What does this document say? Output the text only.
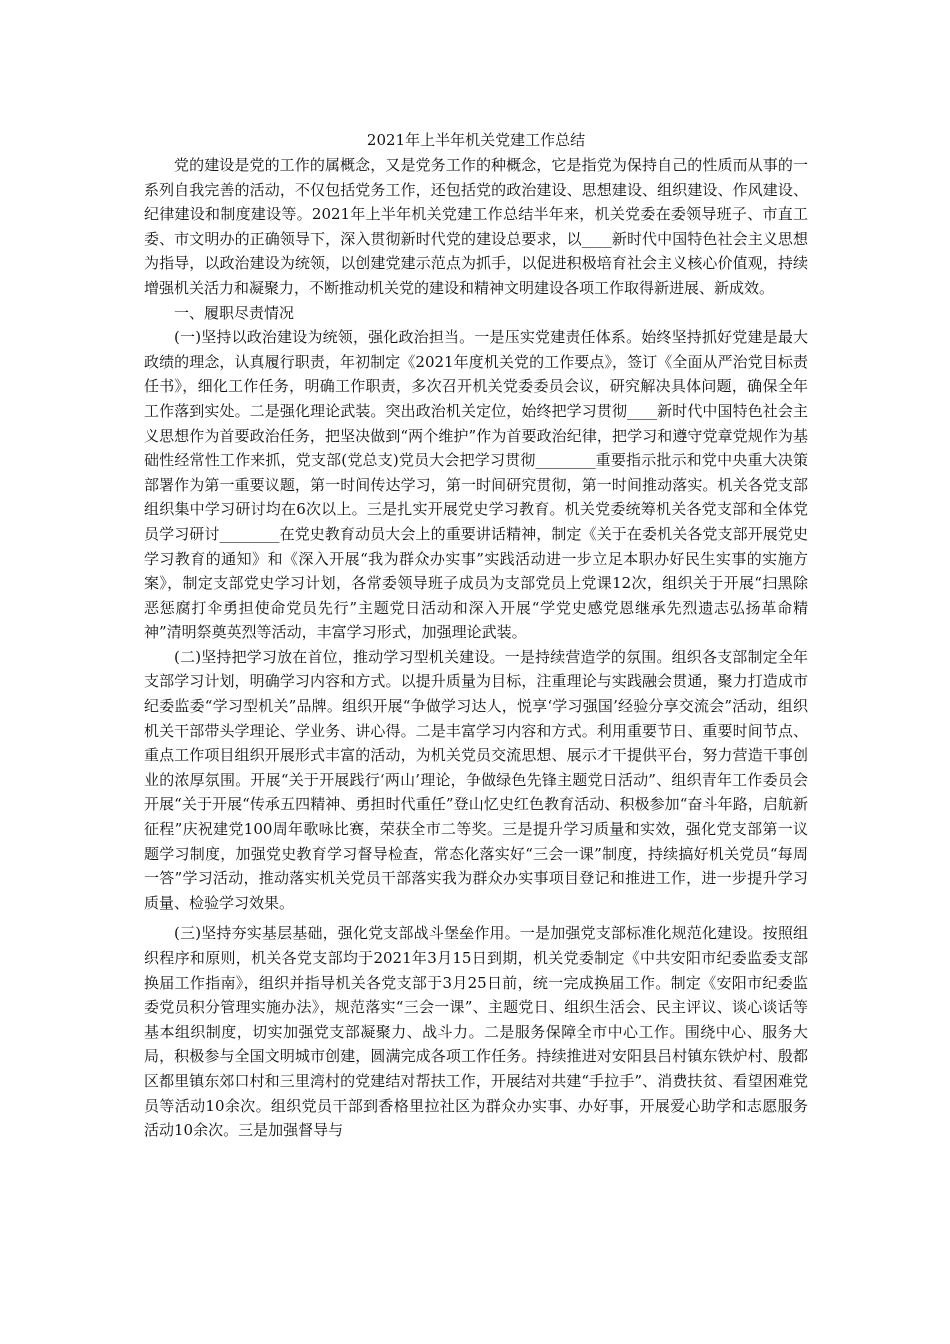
2021年上半年机关党建工作总结

党的建设是党的工作的属概念，又是党务工作的种概念，它是指党为保持自己的性质而从事的一系列自我完善的活动，不仅包括党务工作，还包括党的政治建设、思想建设、组织建设、作风建设、纪律建设和制度建设等。2021年上半年机关党建工作总结半年来，机关党委在委领导班子、市直工委、市文明办的正确领导下，深入贯彻新时代党的建设总要求，以____新时代中国特色社会主义思想为指导，以政治建设为统领，以创建党建示范点为抓手，以促进积极培育社会主义核心价值观，持续增强机关活力和凝聚力，不断推动机关党的建设和精神文明建设各项工作取得新进展、新成效。

一、履职尽责情况

(一)坚持以政治建设为统领，强化政治担当。一是压实党建责任体系。始终坚持抓好党建是最大政绩的理念，认真履行职责，年初制定《2021年度机关党的工作要点》，签订《全面从严治党目标责任书》，细化工作任务，明确工作职责，多次召开机关党委委员会议，研究解决具体问题，确保全年工作落到实处。二是强化理论武装。突出政治机关定位，始终把学习贯彻____新时代中国特色社会主义思想作为首要政治任务，把坚决做到“两个维护”作为首要政治纪律，把学习和遵守党章党规作为基础性经常性工作来抓，党支部(党总支)党员大会把学习贯彻________重要指示批示和党中央重大决策部署作为第一重要议题，第一时间传达学习，第一时间研究贯彻，第一时间推动落实。机关各党支部组织集中学习研讨均在6次以上。三是扎实开展党史学习教育。机关党委统筹机关各党支部和全体党员学习研讨________在党史教育动员大会上的重要讲话精神，制定《关于在委机关各党支部开展党史学习教育的通知》和《深入开展“我为群众办实事”实践活动进一步立足本职办好民生实事的实施方案》，制定支部党史学习计划，各常委领导班子成员为支部党员上党课12次，组织关于开展“扫黑除恶惩腐打伞勇担使命党员先行”主题党日活动和深入开展“学党史感党恩继承先烈遗志弘扬革命精神”清明祭奠英烈等活动，丰富学习形式，加强理论武装。

(二)坚持把学习放在首位，推动学习型机关建设。一是持续营造学的氛围。组织各支部制定全年支部学习计划，明确学习内容和方式。以提升质量为目标，注重理论与实践融会贯通，聚力打造成市纪委监委“学习型机关”品牌。组织开展“争做学习达人，悦享‘学习强国’经验分享交流会”活动，组织机关干部带头学理论、学业务、讲心得。二是丰富学习内容和方式。利用重要节日、重要时间节点、重点工作项目组织开展形式丰富的活动，为机关党员交流思想、展示才干提供平台，努力营造干事创业的浓厚氛围。开展“关于开展践行‘两山’理论，争做绿色先锋主题党日活动”、组织青年工作委员会开展“关于开展“传承五四精神、勇担时代重任”登山忆史红色教育活动、积极参加“奋斗年路，启航新征程”庆祝建党100周年歌咏比赛，荣获全市二等奖。三是提升学习质量和实效，强化党支部第一议题学习制度，加强党史教育学习督导检查，常态化落实好“三会一课”制度，持续搞好机关党员“每周一答”学习活动，推动落实机关党员干部落实我为群众办实事项目登记和推进工作，进一步提升学习质量、检验学习效果。

(三)坚持夯实基层基础，强化党支部战斗堡垒作用。一是加强党支部标准化规范化建设。按照组织程序和原则，机关各党支部均于2021年3月15日到期，机关党委制定《中共安阳市纪委监委支部换届工作指南》，组织并指导机关各党支部于3月25日前，统一完成换届工作。制定《安阳市纪委监委党员积分管理实施办法》，规范落实“三会一课”、主题党日、组织生活会、民主评议、谈心谈话等基本组织制度，切实加强党支部凝聚力、战斗力。二是服务保障全市中心工作。围绕中心、服务大局，积极参与全国文明城市创建，圆满完成各项工作任务。持续推进对安阳县吕村镇东铁炉村、殷都区都里镇东郊口村和三里湾村的党建结对帮扶工作，开展结对共建“手拉手”、消费扶贫、看望困难党员等活动10余次。组织党员干部到香格里拉社区为群众办实事、办好事，开展爱心助学和志愿服务活动10余次。三是加强督导与
